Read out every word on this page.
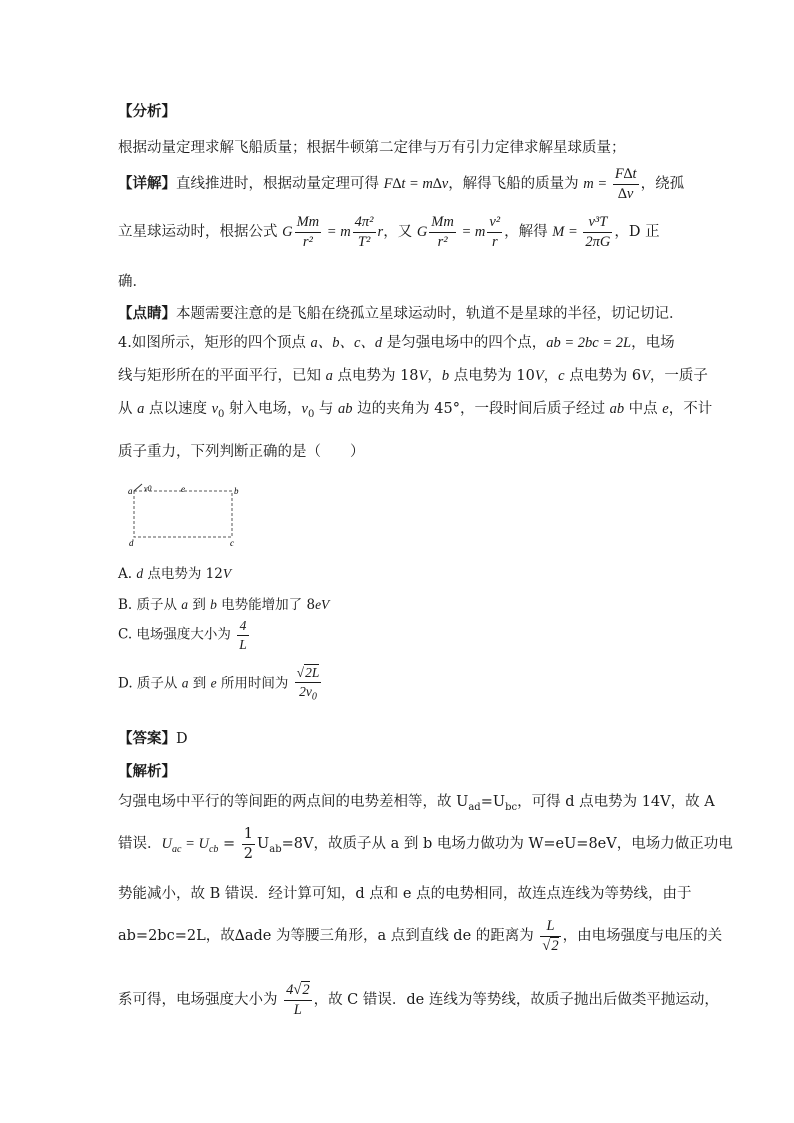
【分析】
根据动量定理求解飞船质量；根据牛顿第二定律与万有引力定律求解星球质量；
【详解】直线推进时，根据动量定理可得 F∆t = m∆v，解得飞船的质量为 $m = \frac{F\Delta t}{\Delta v}$ ，绕孤
立星球运动时，根据公式 G $\frac{Mm}{\text{r²}} = m \frac{\text{4π²}}{\text{T²}}$ r，又 G $\frac{Mm}{\text{r²}} = m \frac{\text{v²}}{r}$ ，解得 $M = \frac{\text{v³T}}{2\pi G}$ ，D 正
确．
【点睛】本题需要注意的是飞船在绕孤立星球运动时，轨道不是星球的半径，切记切记．
4.如图所示，矩形的四个顶点 a、b、c、d 是匀强电场中的四个点，ab = 2bc = 2L，电场
线与矩形所在的平面平行，已知 a 点电势为 18V，b 点电势为 10V，c 点电势为 6V，一质子
从 a 点以速度 $v_0$ 射入电场，$v_0$ 与 ab 边的夹角为 45°，一段时间后质子经过 ab 中点 e，不计
质子重力，下列判断正确的是（　　）
a v0	e	b
d	c
A. d 点电势为 12V
B. 质子从 a 到 b 电势能增加了 8eV
C. 电场强度大小为 $\frac{4}{L}$
D. 质子从 a 到 e 所用时间为 $\frac{√2L}{2v_0}$
【答案】D
【解析】
匀强电场中平行的等间距的两点间的电势差相等，故 $U_{ad}=U_{bc}$，可得 d 点电势为 14V，故 A
错误．$U_{ac} = U_{cb} = \frac{1}{2} U_{ab}=8V$，故质子从 a 到 b 电场力做功为 W=eU=8eV，电场力做正功电
势能减小，故 B 错误．经计算可知，d 点和 e 点的电势相同，故连点连线为等势线，由于
ab=2bc=2L，故∆ade 为等腰三角形，a 点到直线 de 的距离为 $\frac{L}{√2}$ ，由电场强度与电压的关
系可得，电场强度大小为 $\frac{4√2}{L}$ ，故 C 错误．de 连线为等势线，故质子抛出后做类平抛运动，
